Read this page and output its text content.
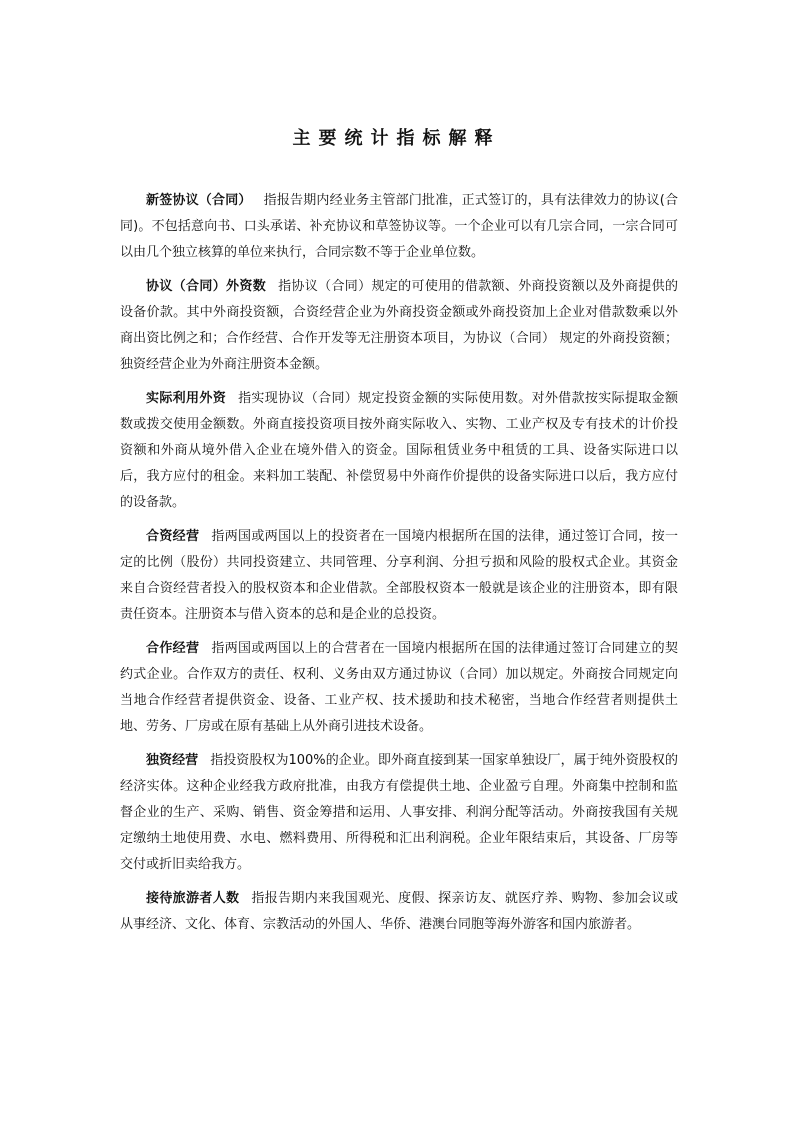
主要统计指标解释

新签协议（合同） 指报告期内经业务主管部门批准，正式签订的，具有法律效力的协议(合同)。不包括意向书、口头承诺、补充协议和草签协议等。一个企业可以有几宗合同，一宗合同可以由几个独立核算的单位来执行，合同宗数不等于企业单位数。

协议（合同）外资数 指协议（合同）规定的可使用的借款额、外商投资额以及外商提供的设备价款。其中外商投资额，合资经营企业为外商投资金额或外商投资加上企业对借款数乘以外商出资比例之和；合作经营、合作开发等无注册资本项目，为协议（合同） 规定的外商投资额；独资经营企业为外商注册资本金额。

实际利用外资 指实现协议（合同）规定投资金额的实际使用数。对外借款按实际提取金额数或拨交使用金额数。外商直接投资项目按外商实际收入、实物、工业产权及专有技术的计价投资额和外商从境外借入企业在境外借入的资金。国际租赁业务中租赁的工具、设备实际进口以后，我方应付的租金。来料加工装配、补偿贸易中外商作价提供的设备实际进口以后，我方应付的设备款。

合资经营 指两国或两国以上的投资者在一国境内根据所在国的法律，通过签订合同，按一定的比例（股份）共同投资建立、共同管理、分享利润、分担亏损和风险的股权式企业。其资金来自合资经营者投入的股权资本和企业借款。全部股权资本一般就是该企业的注册资本，即有限责任资本。注册资本与借入资本的总和是企业的总投资。

合作经营 指两国或两国以上的合营者在一国境内根据所在国的法律通过签订合同建立的契约式企业。合作双方的责任、权利、义务由双方通过协议（合同）加以规定。外商按合同规定向当地合作经营者提供资金、设备、工业产权、技术援助和技术秘密，当地合作经营者则提供土地、劳务、厂房或在原有基础上从外商引进技术设备。

独资经营 指投资股权为100%的企业。即外商直接到某一国家单独设厂，属于纯外资股权的经济实体。这种企业经我方政府批准，由我方有偿提供土地、企业盈亏自理。外商集中控制和监督企业的生产、采购、销售、资金筹措和运用、人事安排、利润分配等活动。外商按我国有关规定缴纳土地使用费、水电、燃料费用、所得税和汇出利润税。企业年限结束后，其设备、厂房等交付或折旧卖给我方。

接待旅游者人数 指报告期内来我国观光、度假、探亲访友、就医疗养、购物、参加会议或从事经济、文化、体育、宗教活动的外国人、华侨、港澳台同胞等海外游客和国内旅游者。
